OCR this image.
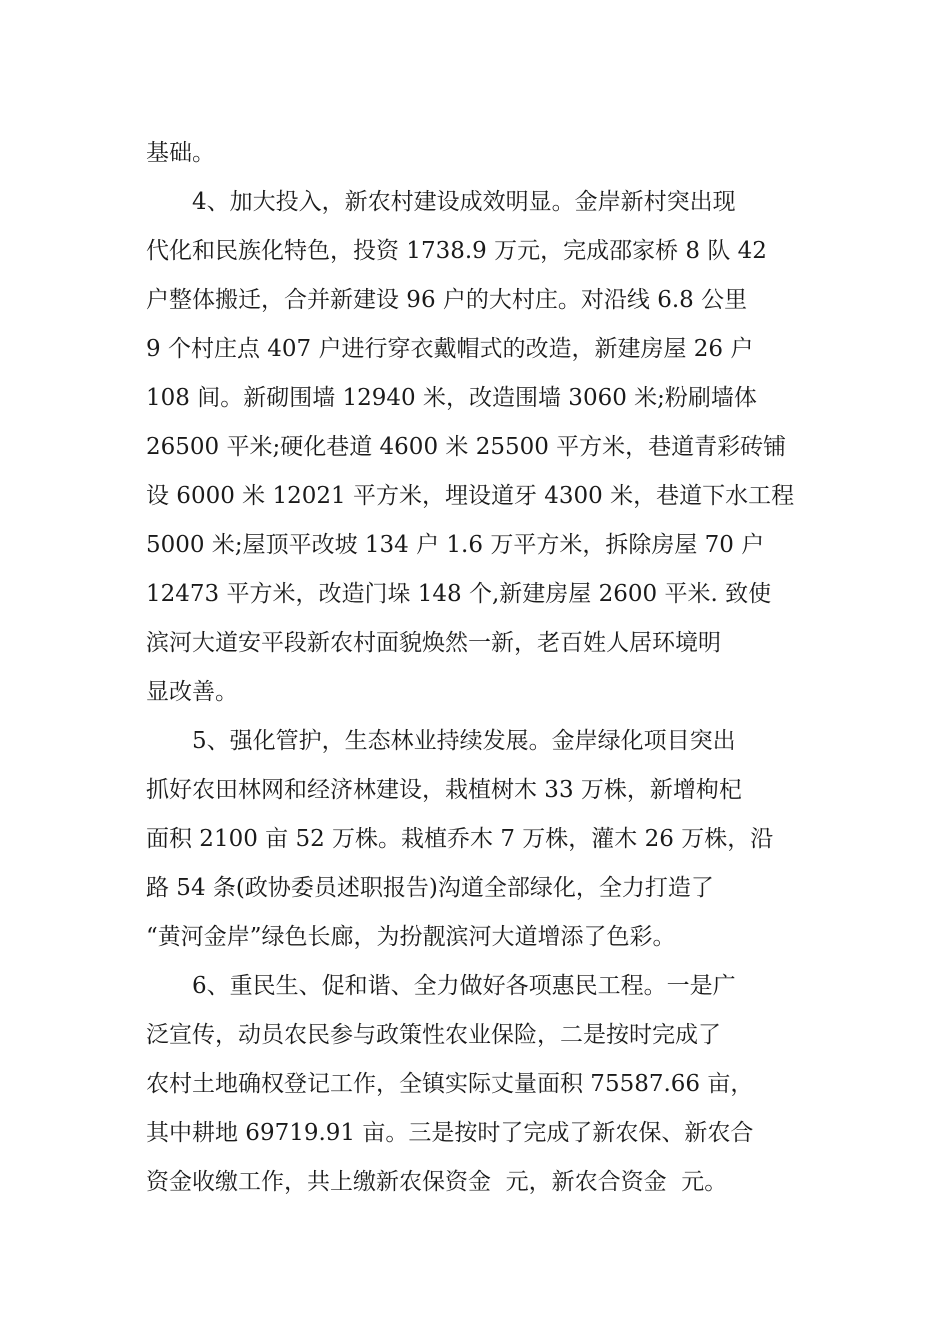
基础。
4、加大投入，新农村建设成效明显。金岸新村突出现
代化和民族化特色，投资 1738.9 万元，完成邵家桥 8 队 42
户整体搬迁，合并新建设 96 户的大村庄。对沿线 6.8 公里
9 个村庄点 407 户进行穿衣戴帽式的改造，新建房屋 26 户
108 间。新砌围墙 12940 米，改造围墙 3060 米;粉刷墙体
26500 平米;硬化巷道 4600 米 25500 平方米，巷道青彩砖铺
设 6000 米 12021 平方米，埋设道牙 4300 米，巷道下水工程
5000 米;屋顶平改坡 134 户 1.6 万平方米，拆除房屋 70 户
12473 平方米，改造门垛 148 个,新建房屋 2600 平米. 致使
滨河大道安平段新农村面貌焕然一新，老百姓人居环境明
显改善。
5、强化管护，生态林业持续发展。金岸绿化项目突出
抓好农田林网和经济林建设，栽植树木 33 万株，新增枸杞
面积 2100 亩 52 万株。栽植乔木 7 万株，灌木 26 万株，沿
路 54 条(政协委员述职报告)沟道全部绿化，全力打造了
“黄河金岸”绿色长廊，为扮靓滨河大道增添了色彩。
6、重民生、促和谐、全力做好各项惠民工程。一是广
泛宣传，动员农民参与政策性农业保险，二是按时完成了
农村土地确权登记工作，全镇实际丈量面积 75587.66 亩，
其中耕地 69719.91 亩。三是按时了完成了新农保、新农合
资金收缴工作，共上缴新农保资金  元，新农合资金  元。
